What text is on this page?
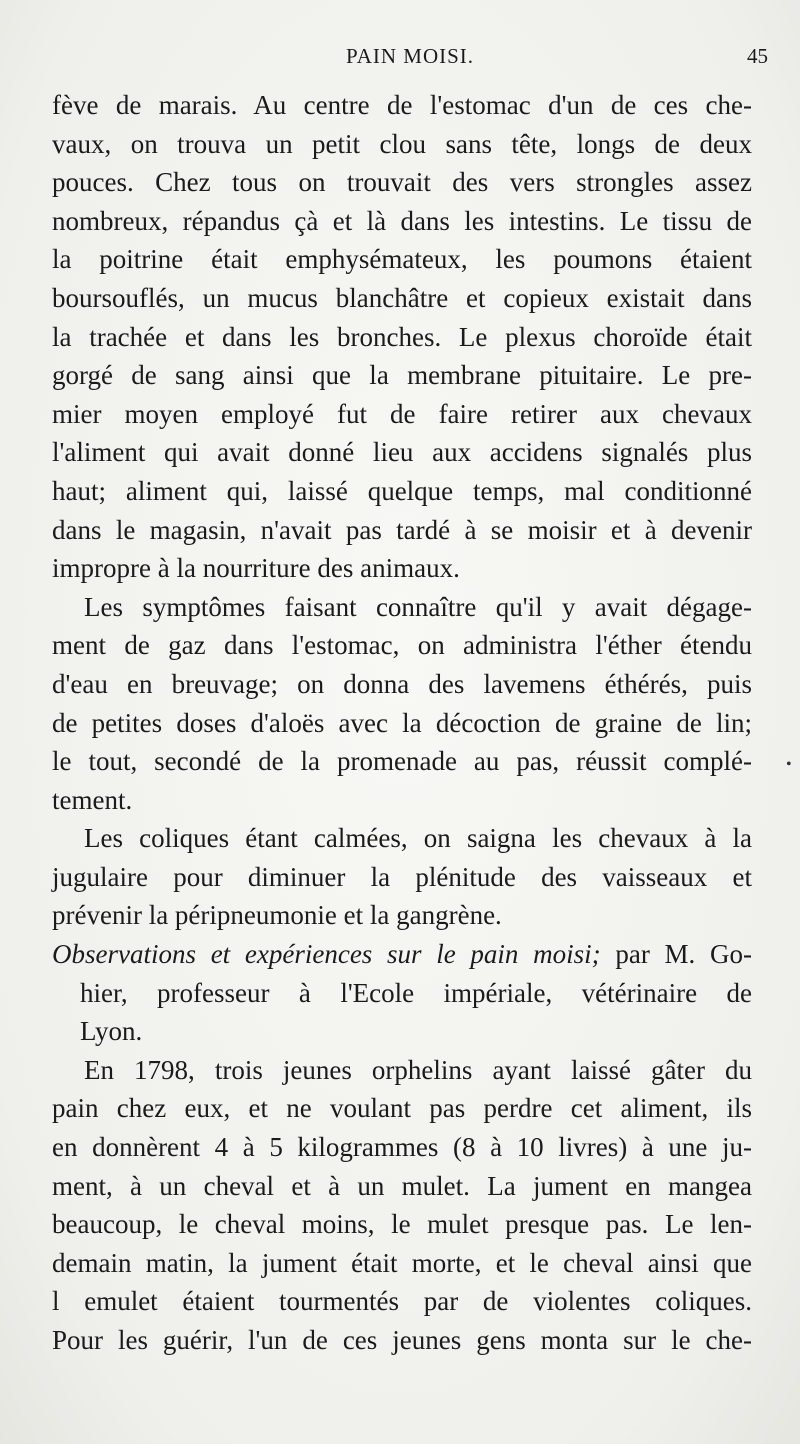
PAIN MOISI.	45
fève de marais. Au centre de l'estomac d'un de ces che-
vaux, on trouva un petit clou sans tête, longs de deux
pouces. Chez tous on trouvait des vers strongles assez
nombreux, répandus çà et là dans les intestins. Le tissu de
la poitrine était emphysémateux, les poumons étaient
boursouflés, un mucus blanchâtre et copieux existait dans
la trachée et dans les bronches. Le plexus choroïde était
gorgé de sang ainsi que la membrane pituitaire. Le pre-
mier moyen employé fut de faire retirer aux chevaux
l'aliment qui avait donné lieu aux accidens signalés plus
haut; aliment qui, laissé quelque temps, mal conditionné
dans le magasin, n'avait pas tardé à se moisir et à devenir
impropre à la nourriture des animaux.
Les symptômes faisant connaître qu'il y avait dégage-
ment de gaz dans l'estomac, on administra l'éther étendu
d'eau en breuvage; on donna des lavemens éthérés, puis
de petites doses d'aloës avec la décoction de graine de lin;
le tout, secondé de la promenade au pas, réussit complé-
tement.
Les coliques étant calmées, on saigna les chevaux à la
jugulaire pour diminuer la plénitude des vaisseaux et
prévenir la péripneumonie et la gangrène.
Observations et expériences sur le pain moisi; par M. Go-
hier, professeur à l'Ecole impériale, vétérinaire de
Lyon.
En 1798, trois jeunes orphelins ayant laissé gâter du
pain chez eux, et ne voulant pas perdre cet aliment, ils
en donnèrent 4 à 5 kilogrammes (8 à 10 livres) à une ju-
ment, à un cheval et à un mulet. La jument en mangea
beaucoup, le cheval moins, le mulet presque pas. Le len-
demain matin, la jument était morte, et le cheval ainsi que
l emulet étaient tourmentés par de violentes coliques.
Pour les guérir, l'un de ces jeunes gens monta sur le che-
•
